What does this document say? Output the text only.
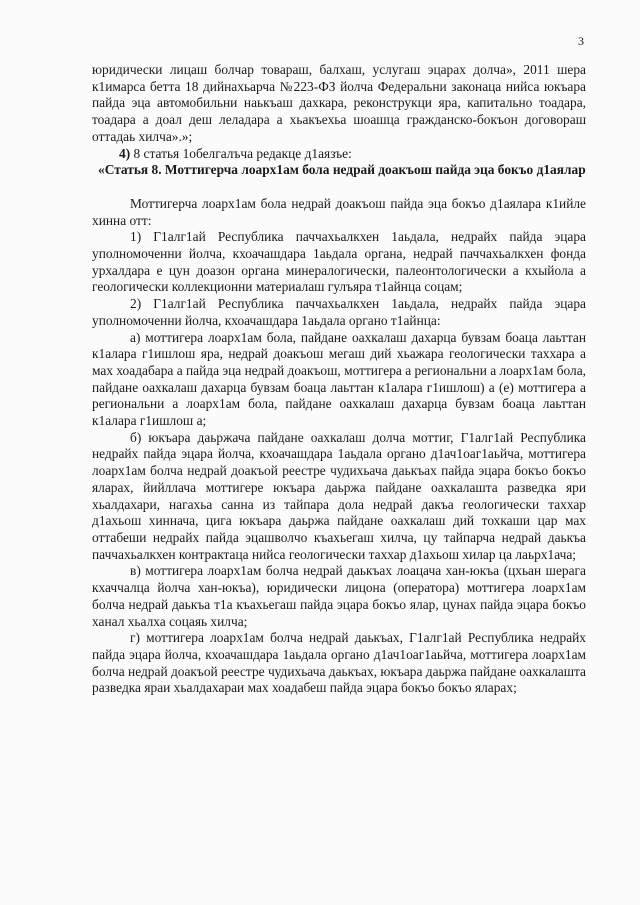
3

юридически лицаш болчар товараш, балхаш, услугаш эцарах долча», 2011 шера к1имарса бетта 18 дийнахьарча №223-ФЗ йолча Федеральни законаца нийса юкъара пайда эца автомобильни наькъаш дахкара, реконструкци яра, капитально тоадара, тоадара а доал деш леладара а хьакъехьа шоашца гражданско-бокъон договораш оттадаь хилча».»;

4) 8 статья 1обелгалъча редакце д1аязъе:

«Статья 8. Моттигерча лоарх1ам бола недрай доакъош пайда эца бокъо д1аялар

Моттигерча лоарх1ам бола недрай доакъош пайда эца бокъо д1аялара к1ийле хинна отт:

1) Г1алг1ай Республика паччахьалкхен 1аьдала, недрайх пайда эцара уполномоченни йолча, кхоачашдара 1аьдала органа, недрай паччахьалкхен фонда урхалдара е цун доазон органа минералогически, палеонтологически а кхыйола а геологически коллекционни материалаш гулъяра т1айнца соцам;

2) Г1алг1ай Республика паччахьалкхен 1аьдала, недрайх пайда эцара уполномоченни йолча, кхоачашдара 1аьдала органо т1айнца:

а) моттигера лоарх1ам бола, пайдане оахкалаш дахарца бувзам боаца лаьттан к1алара г1ишлош яра, недрай доакъош мегаш дий хьажара геологически таххара а мах хоадабара а пайда эца недрай доакъош, моттигера а региональни а лоарх1ам бола, пайдане оахкалаш дахарца бувзам боаца лаьттан к1алара г1ишлош) а (е) моттигера а региональни а лоарх1ам бола, пайдане оахкалаш дахарца бувзам боаца лаьттан к1алара г1ишлош а;

б) юкъара даьржача пайдане оахкалаш долча моттиг, Г1алг1ай Республика недрайх пайда эцара йолча, кхоачашдара 1аьдала органо д1ач1оаг1аьйча, моттигера лоарх1ам болча недрай доакъой реестре чудихьача даькъах пайда эцара бокъо бокъо яларах, йийллача моттигере юкъара даьржа пайдане оахкалашта разведка яри хьалдахари, нагахьа санна из тайпара дола недрай дакъа геологически таххар д1ахьош хиннача, цига юкъара даьржа пайдане оахкалаш дий тохкаши цар мах оттабеши недрайх пайда эцашволчо къахьегаш хилча, цу тайпарча недрай даькъа паччахьалкхен контрактаца нийса геологически таххар д1ахьош хилар ца лаьрх1ача;

в) моттигера лоарх1ам болча недрай даькъах лоацача хан-юкъа (цхьан шерага кхаччалца йолча хан-юкъа), юридически лицона (оператора) моттигера лоарх1ам болча недрай даькъа т1а къахьегаш пайда эцара бокъо ялар, цунах пайда эцара бокъо ханал хьалха соцаяь хилча;

г) моттигера лоарх1ам болча недрай даькъах, Г1алг1ай Республика недрайх пайда эцара йолча, кхоачашдара 1аьдала органо д1ач1оаг1аьйча, моттигера лоарх1ам болча недрай доакъой реестре чудихьача даькъах, юкъара даьржа пайдане оахкалашта разведка яраи хьалдахараи мах хоадабеш пайда эцара бокъо бокъо яларах;
